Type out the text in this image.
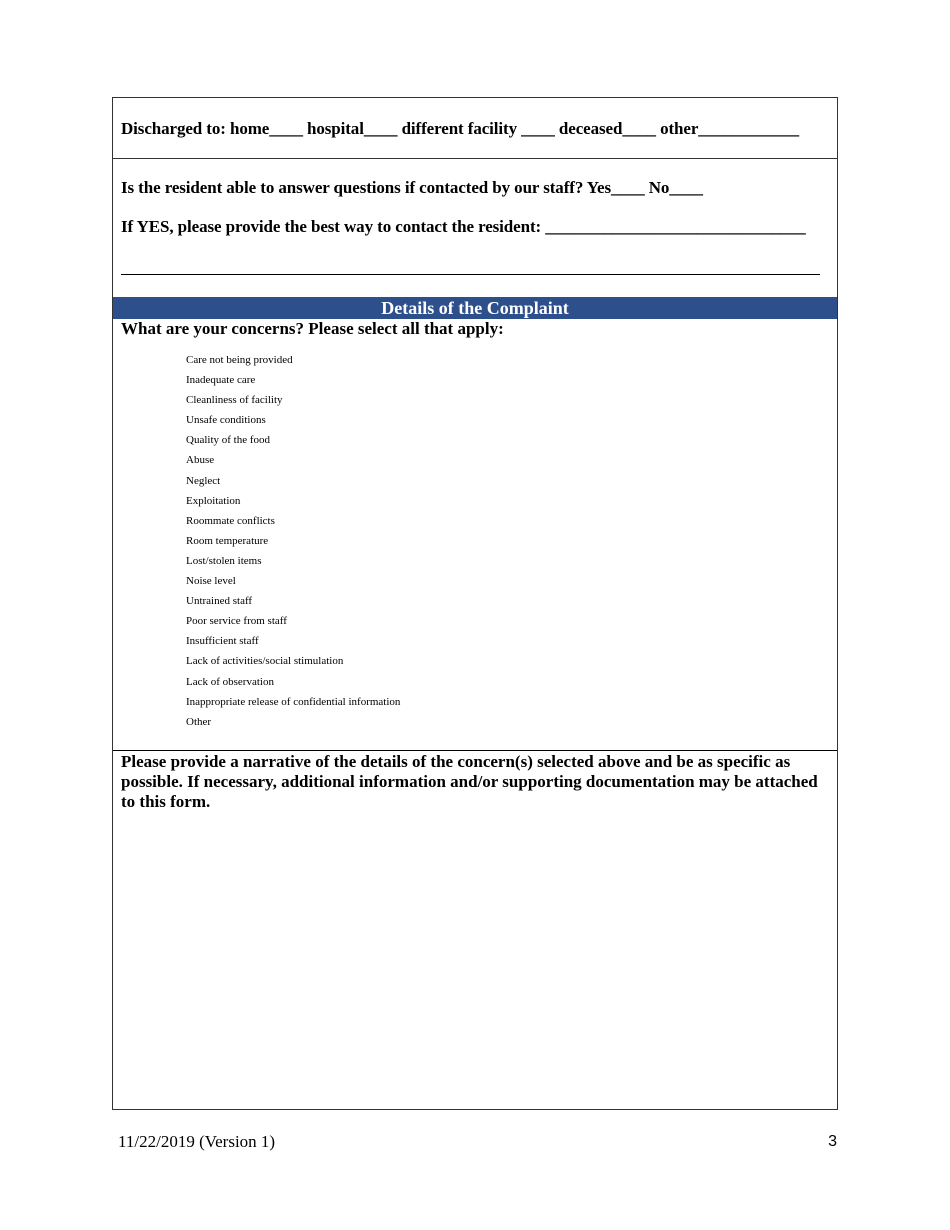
Discharged to: home____ hospital____ different facility ____ deceased____ other____________
Is the resident able to answer questions if contacted by our staff? Yes____ No____
If YES, please provide the best way to contact the resident: _______________________________
Details of the Complaint
What are your concerns? Please select all that apply:
Care not being provided
Inadequate care
Cleanliness of facility
Unsafe conditions
Quality of the food
Abuse
Neglect
Exploitation
Roommate conflicts
Room temperature
Lost/stolen items
Noise level
Untrained staff
Poor service from staff
Insufficient staff
Lack of activities/social stimulation
Lack of observation
Inappropriate release of confidential information
Other
Please provide a narrative of the details of the concern(s) selected above and be as specific as possible. If necessary, additional information and/or supporting documentation may be attached to this form.
11/22/2019 (Version 1)	3
